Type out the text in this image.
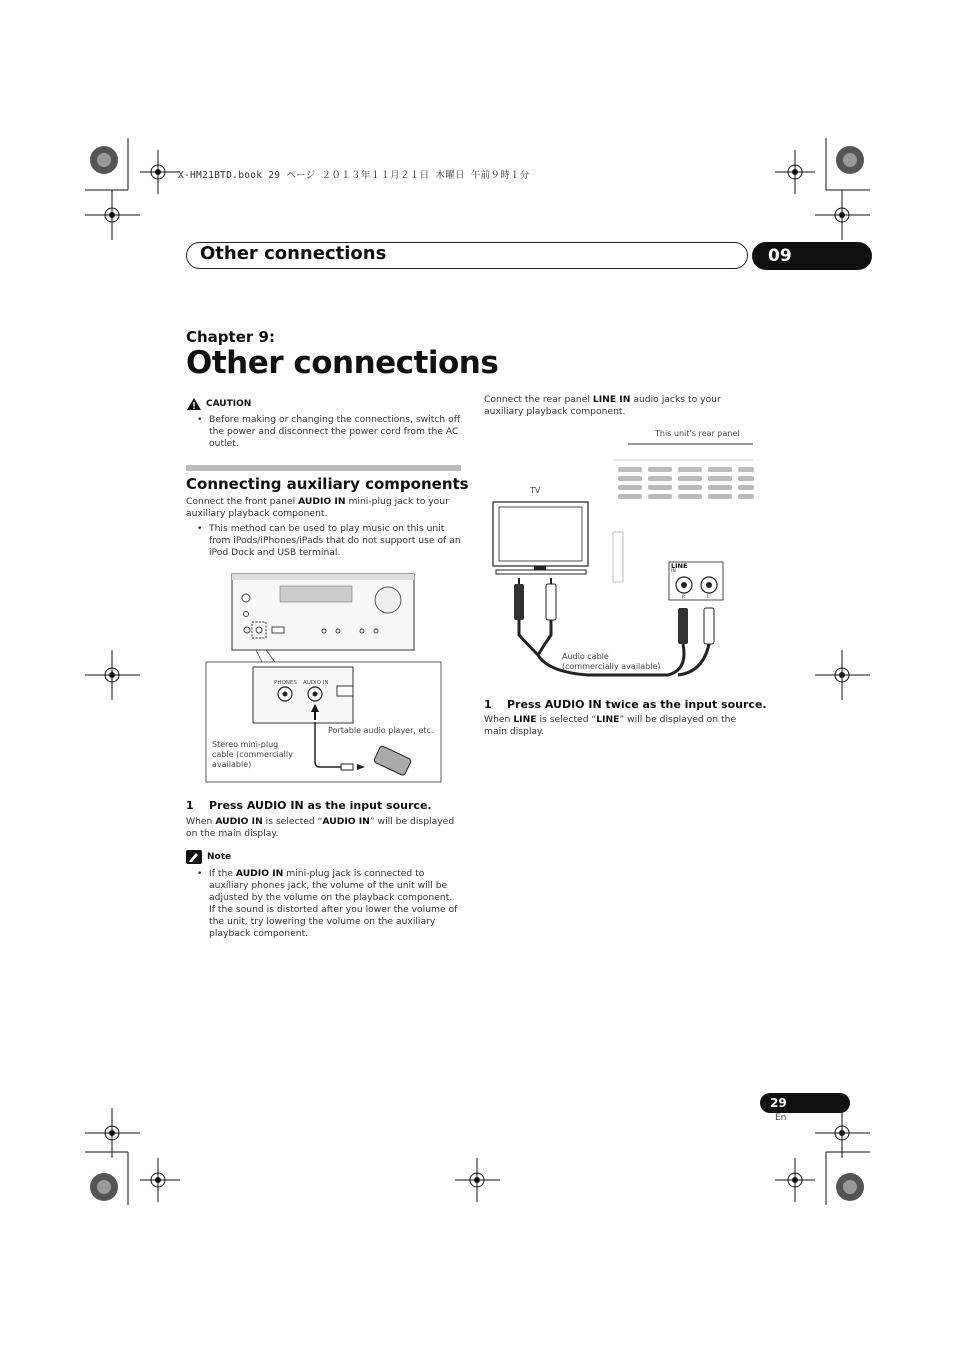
X-HM21BTD.book 29 ページ ２０１３年１１月２１日 木曜日 午前９時１分
Other connections	09
Chapter 9:
Other connections
CAUTION
• Before making or changing the connections, switch off the power and disconnect the power cord from the AC outlet.
Connecting auxiliary components
Connect the front panel AUDIO IN mini-plug jack to your auxiliary playback component.
• This method can be used to play music on this unit from iPods/iPhones/iPads that do not support use of an iPod Dock and USB terminal.
PHONES AUDIO IN
Portable audio player, etc.
Stereo mini-plug
cable (commercially
available)
1    Press AUDIO IN as the input source.
When AUDIO IN is selected “AUDIO IN” will be displayed on the main display.
Note
• If the AUDIO IN mini-plug jack is connected to auxiliary phones jack, the volume of the unit will be adjusted by the volume on the playback component. If the sound is distorted after you lower the volume of the unit, try lowering the volume on the auxiliary playback component.
Connect the rear panel LINE IN audio jacks to your auxiliary playback component.
This unit’s rear panel
TV
LINE
IN
R	L
Audio cable
(commercially available)
1    Press AUDIO IN twice as the input source.
When LINE is selected “LINE” will be displayed on the main display.
29
En
